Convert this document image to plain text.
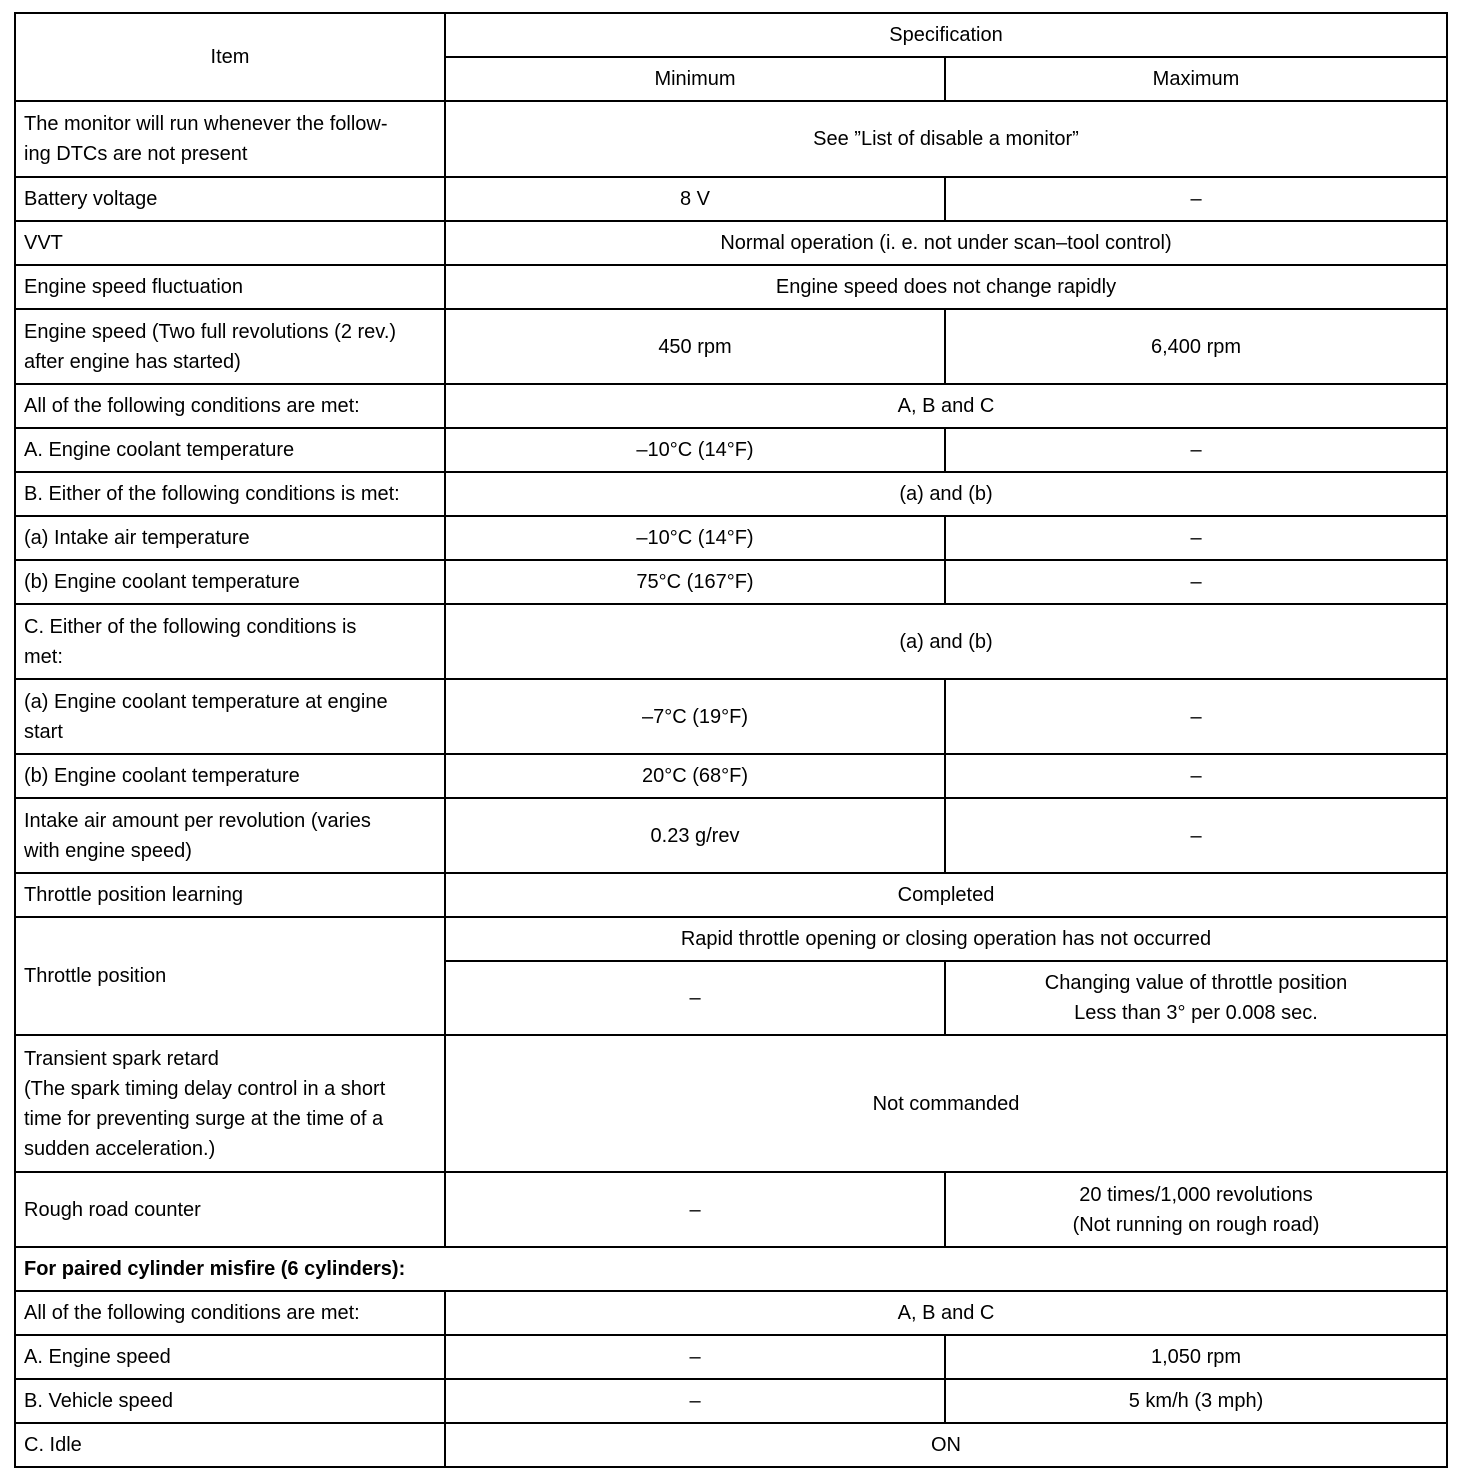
Item	Specification	
	Minimum	Maximum
The monitor will run whenever the follow-
ing DTCs are not present	See ”List of disable a monitor”	
Battery voltage	8 V	–
VVT	Normal operation (i. e. not under scan–tool control)	
Engine speed fluctuation	Engine speed does not change rapidly	
Engine speed (Two full revolutions (2 rev.)
after engine has started)	450 rpm	6,400 rpm
All of the following conditions are met:	A, B and C	
A. Engine coolant temperature	–10°C (14°F)	–
B. Either of the following conditions is met:	(a) and (b)	
(a) Intake air temperature	–10°C (14°F)	–
(b) Engine coolant temperature	75°C (167°F)	–
C. Either of the following conditions is
met:	(a) and (b)	
(a) Engine coolant temperature at engine
start	–7°C (19°F)	–
(b) Engine coolant temperature	20°C (68°F)	–
Intake air amount per revolution (varies
with engine speed)	0.23 g/rev	–
Throttle position learning	Completed	
Throttle position	Rapid throttle opening or closing operation has not occurred	
	–	Changing value of throttle position
Less than 3° per 0.008 sec.
Transient spark retard
(The spark timing delay control in a short
time for preventing surge at the time of a
sudden acceleration.)	Not commanded	
Rough road counter	–	20 times/1,000 revolutions
(Not running on rough road)
For paired cylinder misfire (6 cylinders):		
All of the following conditions are met:	A, B and C	
A. Engine speed	–	1,050 rpm
B. Vehicle speed	–	5 km/h (3 mph)
C. Idle	ON	
